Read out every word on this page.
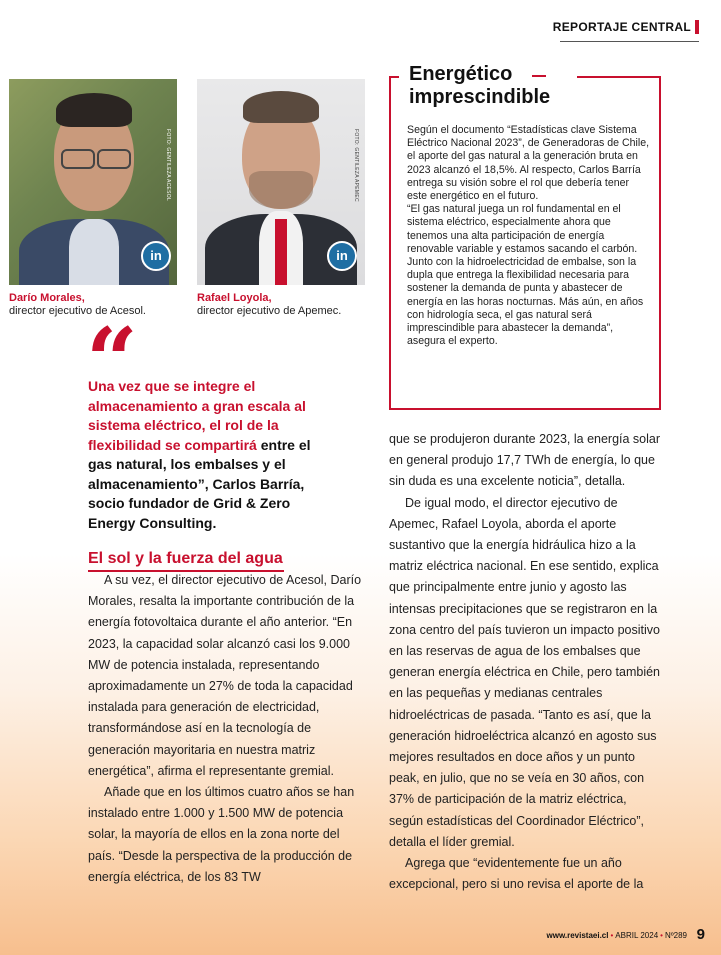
REPORTAJE CENTRAL
FOTO: GENTILEZA ACESOL
in
FOTO: GENTILEZA APEMEC
in
Darío Morales,
director ejecutivo de Acesol.
Rafael Loyola,
director ejecutivo de Apemec.
Energético imprescindible

Según el documento “Estadísticas clave Sistema Eléctrico Nacional 2023”, de Generadoras de Chile, el aporte del gas natural a la generación bruta en 2023 alcanzó el 18,5%. Al respecto, Carlos Barría entrega su visión sobre el rol que debería tener este energético en el futuro.

“El gas natural juega un rol fundamental en el sistema eléctrico, especialmente ahora que tenemos una alta participación de energía renovable variable y estamos sacando el carbón. Junto con la hidroelectricidad de embalse, son la dupla que entrega la flexibilidad necesaria para sostener la demanda de punta y abastecer de energía en las horas nocturnas. Más aún, en años con hidrología seca, el gas natural será imprescindible para abastecer la demanda”, asegura el experto.

“
Una vez que se integre el almacenamiento a gran escala al sistema eléctrico, el rol de la flexibilidad se compartirá entre el gas natural, los embalses y el almacenamiento”, Carlos Barría, socio fundador de Grid & Zero Energy Consulting.
El sol y la fuerza del agua

A su vez, el director ejecutivo de Acesol, Darío Morales, resalta la importante contribución de la energía fotovoltaica durante el año anterior. “En 2023, la capacidad solar alcanzó casi los 9.000 MW de potencia instalada, representando aproximadamente un 27% de toda la capacidad instalada para generación de electricidad, transformándose así en la tecnología de generación mayoritaria en nuestra matriz energética”, afirma el representante gremial.

Añade que en los últimos cuatro años se han instalado entre 1.000 y 1.500 MW de potencia solar, la mayoría de ellos en la zona norte del país. “Desde la perspectiva de la producción de energía eléctrica, de los 83 TW

que se produjeron durante 2023, la energía solar en general produjo 17,7 TWh de energía, lo que sin duda es una excelente noticia”, detalla.

De igual modo, el director ejecutivo de Apemec, Rafael Loyola, aborda el aporte sustantivo que la energía hidráulica hizo a la matriz eléctrica nacional. En ese sentido, explica que principalmente entre junio y agosto las intensas precipitaciones que se registraron en la zona centro del país tuvieron un impacto positivo en las reservas de agua de los embalses que generan energía eléctrica en Chile, pero también en las pequeñas y medianas centrales hidroeléctricas de pasada. “Tanto es así, que la generación hidroeléctrica alcanzó en agosto sus mejores resultados en doce años y un punto peak, en julio, que no se veía en 30 años, con 37% de participación de la matriz eléctrica, según estadísticas del Coordinador Eléctrico”, detalla el líder gremial.

Agrega que “evidentemente fue un año excepcional, pero si uno revisa el aporte de la

www.revistaei.cl • ABRIL 2024 • Nº289 9
